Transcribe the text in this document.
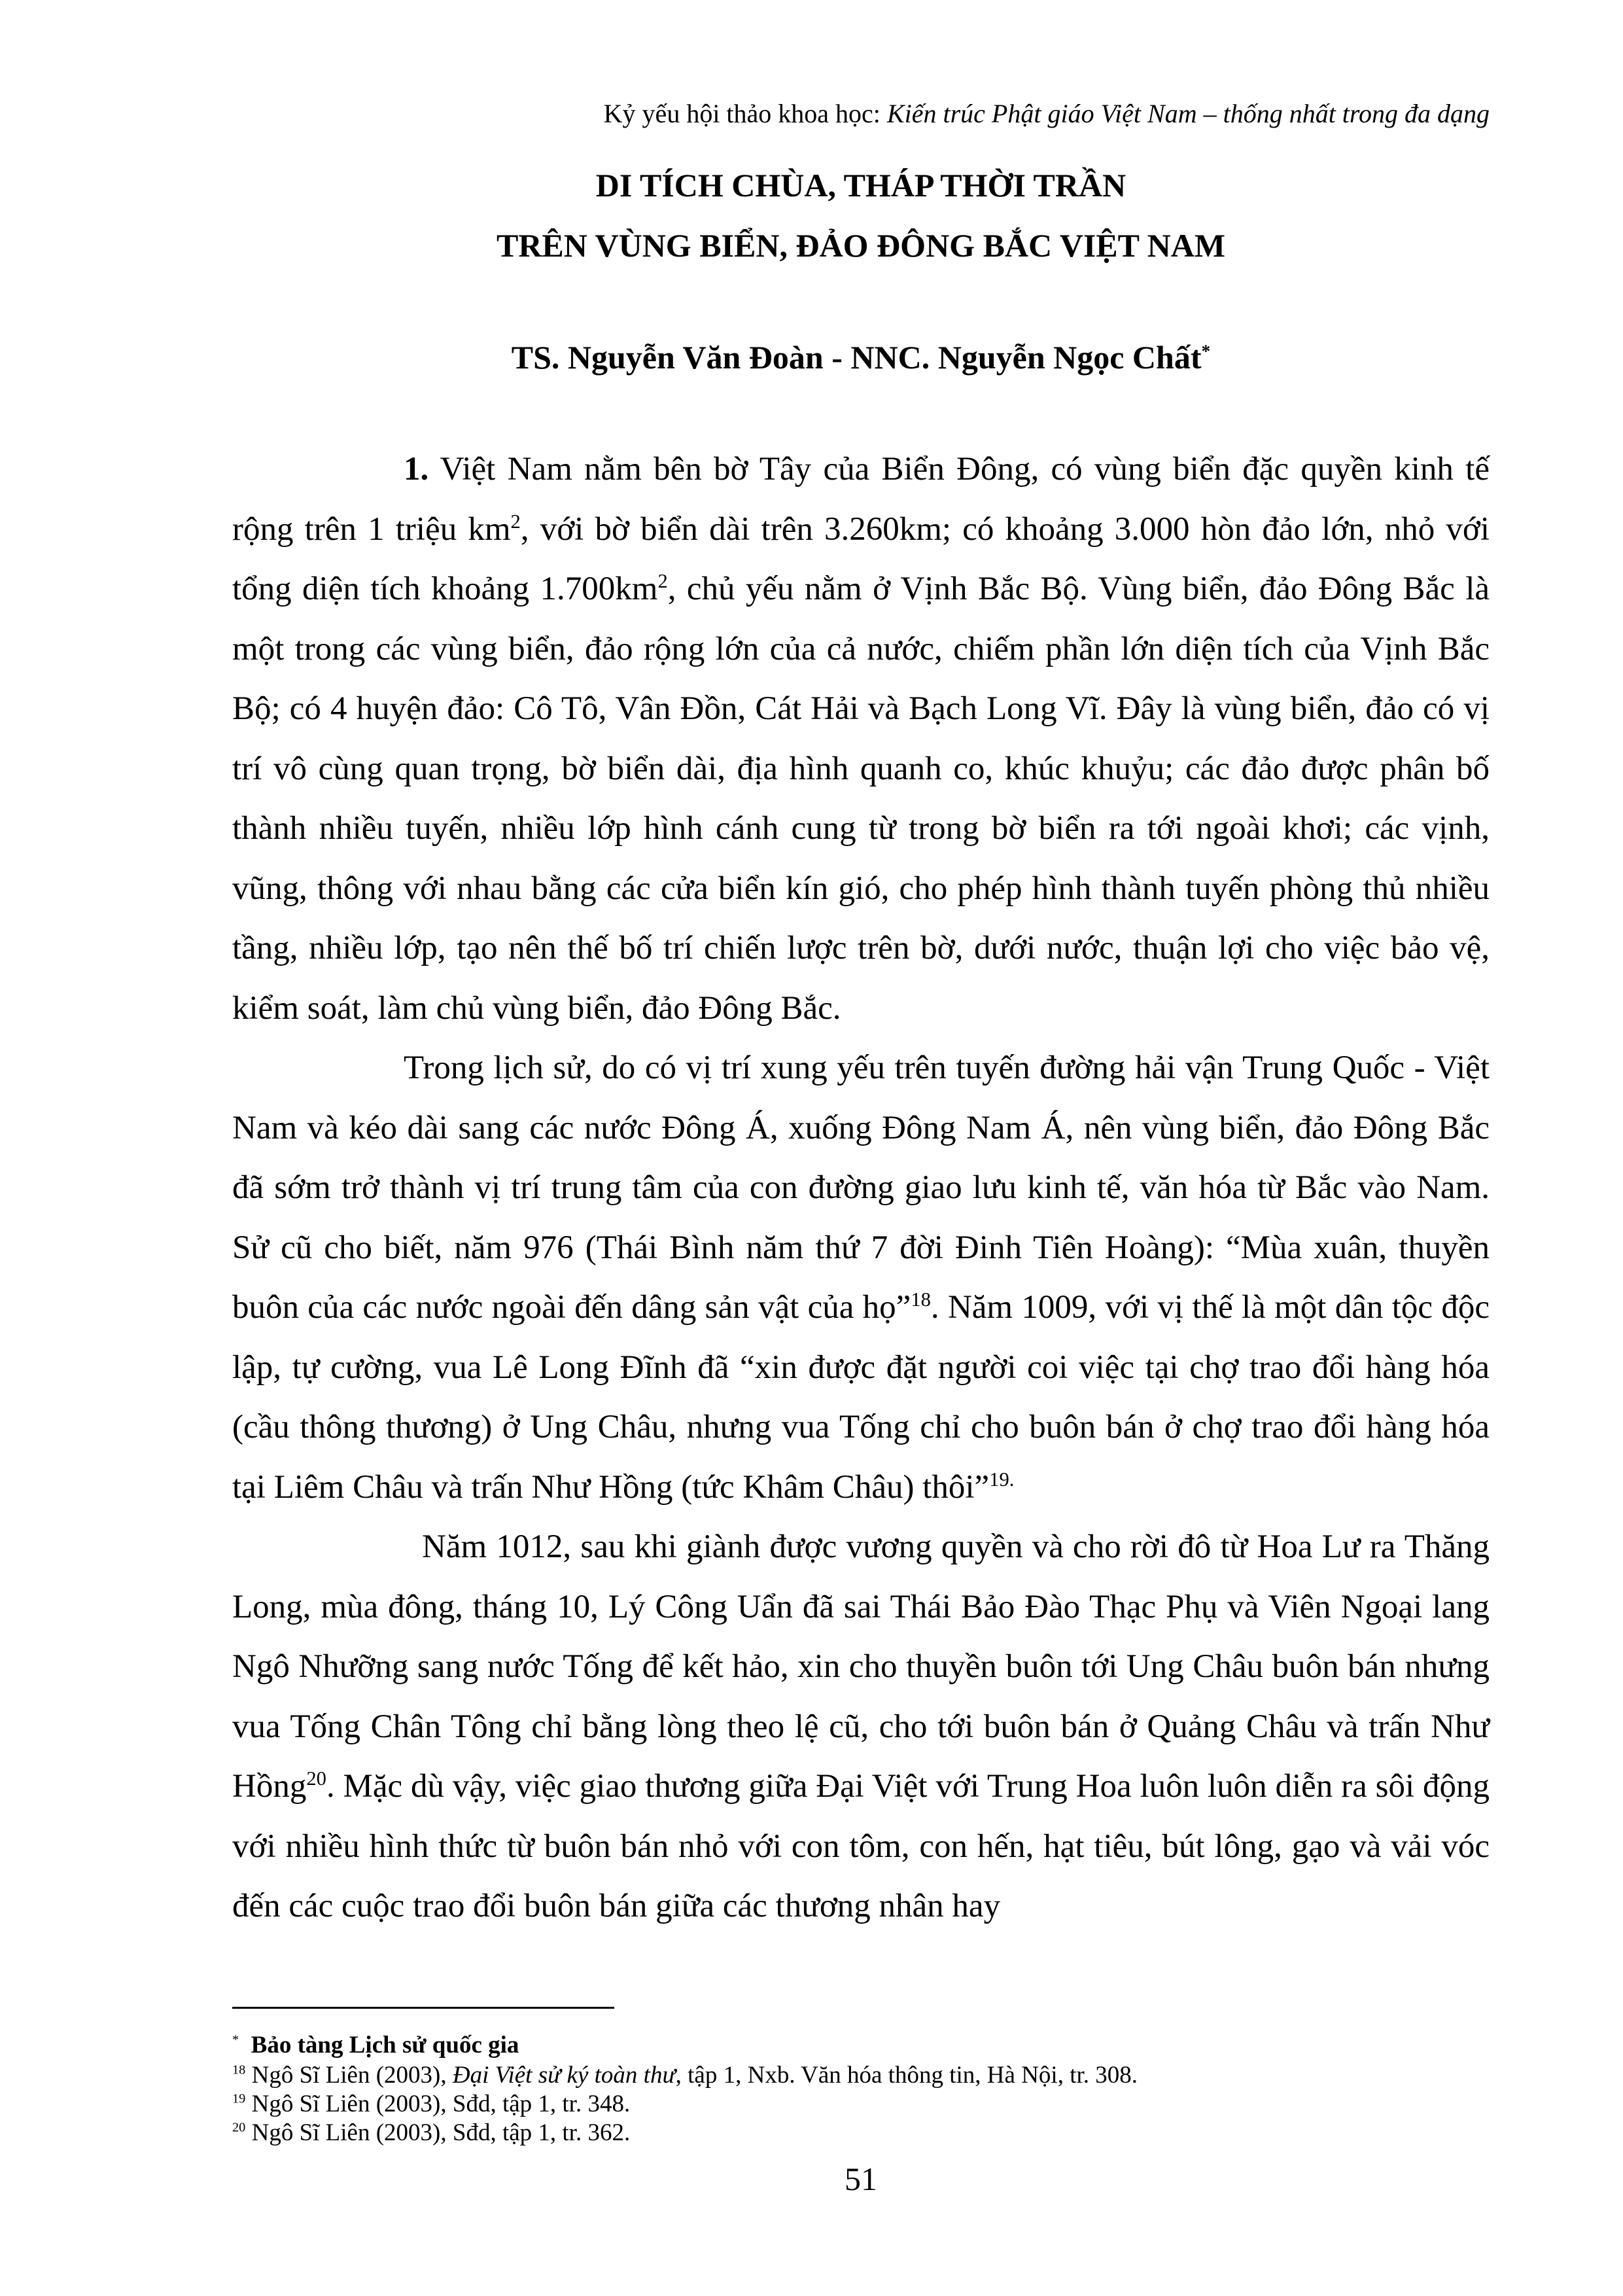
Kỷ yếu hội thảo khoa học: Kiến trúc Phật giáo Việt Nam – thống nhất trong đa dạng
DI TÍCH CHÙA, THÁP THỜI TRẦN
TRÊN VÙNG BIỂN, ĐẢO ĐÔNG BẮC VIỆT NAM
TS. Nguyễn Văn Đoàn - NNC. Nguyễn Ngọc Chất*

1. Việt Nam nằm bên bờ Tây của Biển Đông, có vùng biển đặc quyền kinh tế rộng trên 1 triệu $km^2$, với bờ biển dài trên 3.260km; có khoảng 3.000 hòn đảo lớn, nhỏ với tổng diện tích khoảng $1.700km^2$, chủ yếu nằm ở Vịnh Bắc Bộ. Vùng biển, đảo Đông Bắc là một trong các vùng biển, đảo rộng lớn của cả nước, chiếm phần lớn diện tích của Vịnh Bắc Bộ; có 4 huyện đảo: Cô Tô, Vân Đồn, Cát Hải và Bạch Long Vĩ. Đây là vùng biển, đảo có vị trí vô cùng quan trọng, bờ biển dài, địa hình quanh co, khúc khuỷu; các đảo được phân bố thành nhiều tuyến, nhiều lớp hình cánh cung từ trong bờ biển ra tới ngoài khơi; các vịnh, vũng, thông với nhau bằng các cửa biển kín gió, cho phép hình thành tuyến phòng thủ nhiều tầng, nhiều lớp, tạo nên thế bố trí chiến lược trên bờ, dưới nước, thuận lợi cho việc bảo vệ, kiểm soát, làm chủ vùng biển, đảo Đông Bắc.

Trong lịch sử, do có vị trí xung yếu trên tuyến đường hải vận Trung Quốc - Việt Nam và kéo dài sang các nước Đông Á, xuống Đông Nam Á, nên vùng biển, đảo Đông Bắc đã sớm trở thành vị trí trung tâm của con đường giao lưu kinh tế, văn hóa từ Bắc vào Nam. Sử cũ cho biết, năm 976 (Thái Bình năm thứ 7 đời Đinh Tiên Hoàng): “Mùa xuân, thuyền buôn của các nước ngoài đến dâng sản vật của họ”$^{18}$. Năm 1009, với vị thế là một dân tộc độc lập, tự cường, vua Lê Long Đĩnh đã “xin được đặt người coi việc tại chợ trao đổi hàng hóa (cầu thông thương) ở Ung Châu, nhưng vua Tống chỉ cho buôn bán ở chợ trao đổi hàng hóa tại Liêm Châu và trấn Như Hồng (tức Khâm Châu) thôi”$^{19.}$

Năm 1012, sau khi giành được vương quyền và cho rời đô từ Hoa Lư ra Thăng Long, mùa đông, tháng 10, Lý Công Uẩn đã sai Thái Bảo Đào Thạc Phụ và Viên Ngoại lang Ngô Nhưỡng sang nước Tống để kết hảo, xin cho thuyền buôn tới Ung Châu buôn bán nhưng vua Tống Chân Tông chỉ bằng lòng theo lệ cũ, cho tới buôn bán ở Quảng Châu và trấn Như Hồng$^{20}$. Mặc dù vậy, việc giao thương giữa Đại Việt với Trung Hoa luôn luôn diễn ra sôi động với nhiều hình thức từ buôn bán nhỏ với con tôm, con hến, hạt tiêu, bút lông, gạo và vải vóc đến các cuộc trao đổi buôn bán giữa các thương nhân hay

* Bảo tàng Lịch sử quốc gia
$^{18}$ Ngô Sĩ Liên (2003), Đại Việt sử ký toàn thư, tập 1, Nxb. Văn hóa thông tin, Hà Nội, tr. 308.
$^{19}$ Ngô Sĩ Liên (2003), Sđd, tập 1, tr. 348.
$^{20}$ Ngô Sĩ Liên (2003), Sđd, tập 1, tr. 362.
51
